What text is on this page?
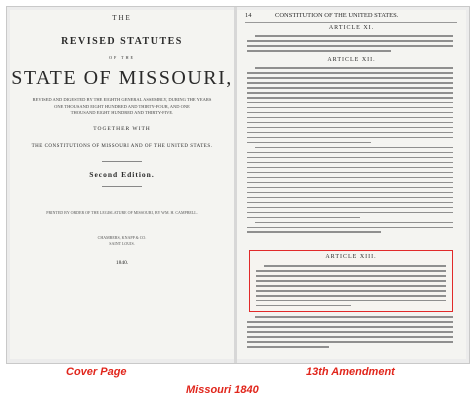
THE
REVISED STATUTES
OF THE
STATE OF MISSOURI,
REVISED AND DIGESTED BY THE EIGHTH GENERAL ASSEMBLY, DURING THE YEARS
ONE THOUSAND EIGHT HUNDRED AND THIRTY-FOUR, AND ONE
THOUSAND EIGHT HUNDRED AND THIRTY-FIVE.
TOGETHER WITH
THE CONSTITUTIONS OF MISSOURI AND OF THE UNITED STATES.
Second Edition.
PRINTED BY ORDER OF THE LEGISLATURE OF MISSOURI, BY WM. H. CAMPBELL.
CHAMBERS, KNAPP & CO.
SAINT LOUIS.
1840.
14	CONSTITUTION OF THE UNITED STATES.
ARTICLE XI.
ARTICLE XII.
ARTICLE XIII.
Cover Page	13th Amendment
Missouri 1840
